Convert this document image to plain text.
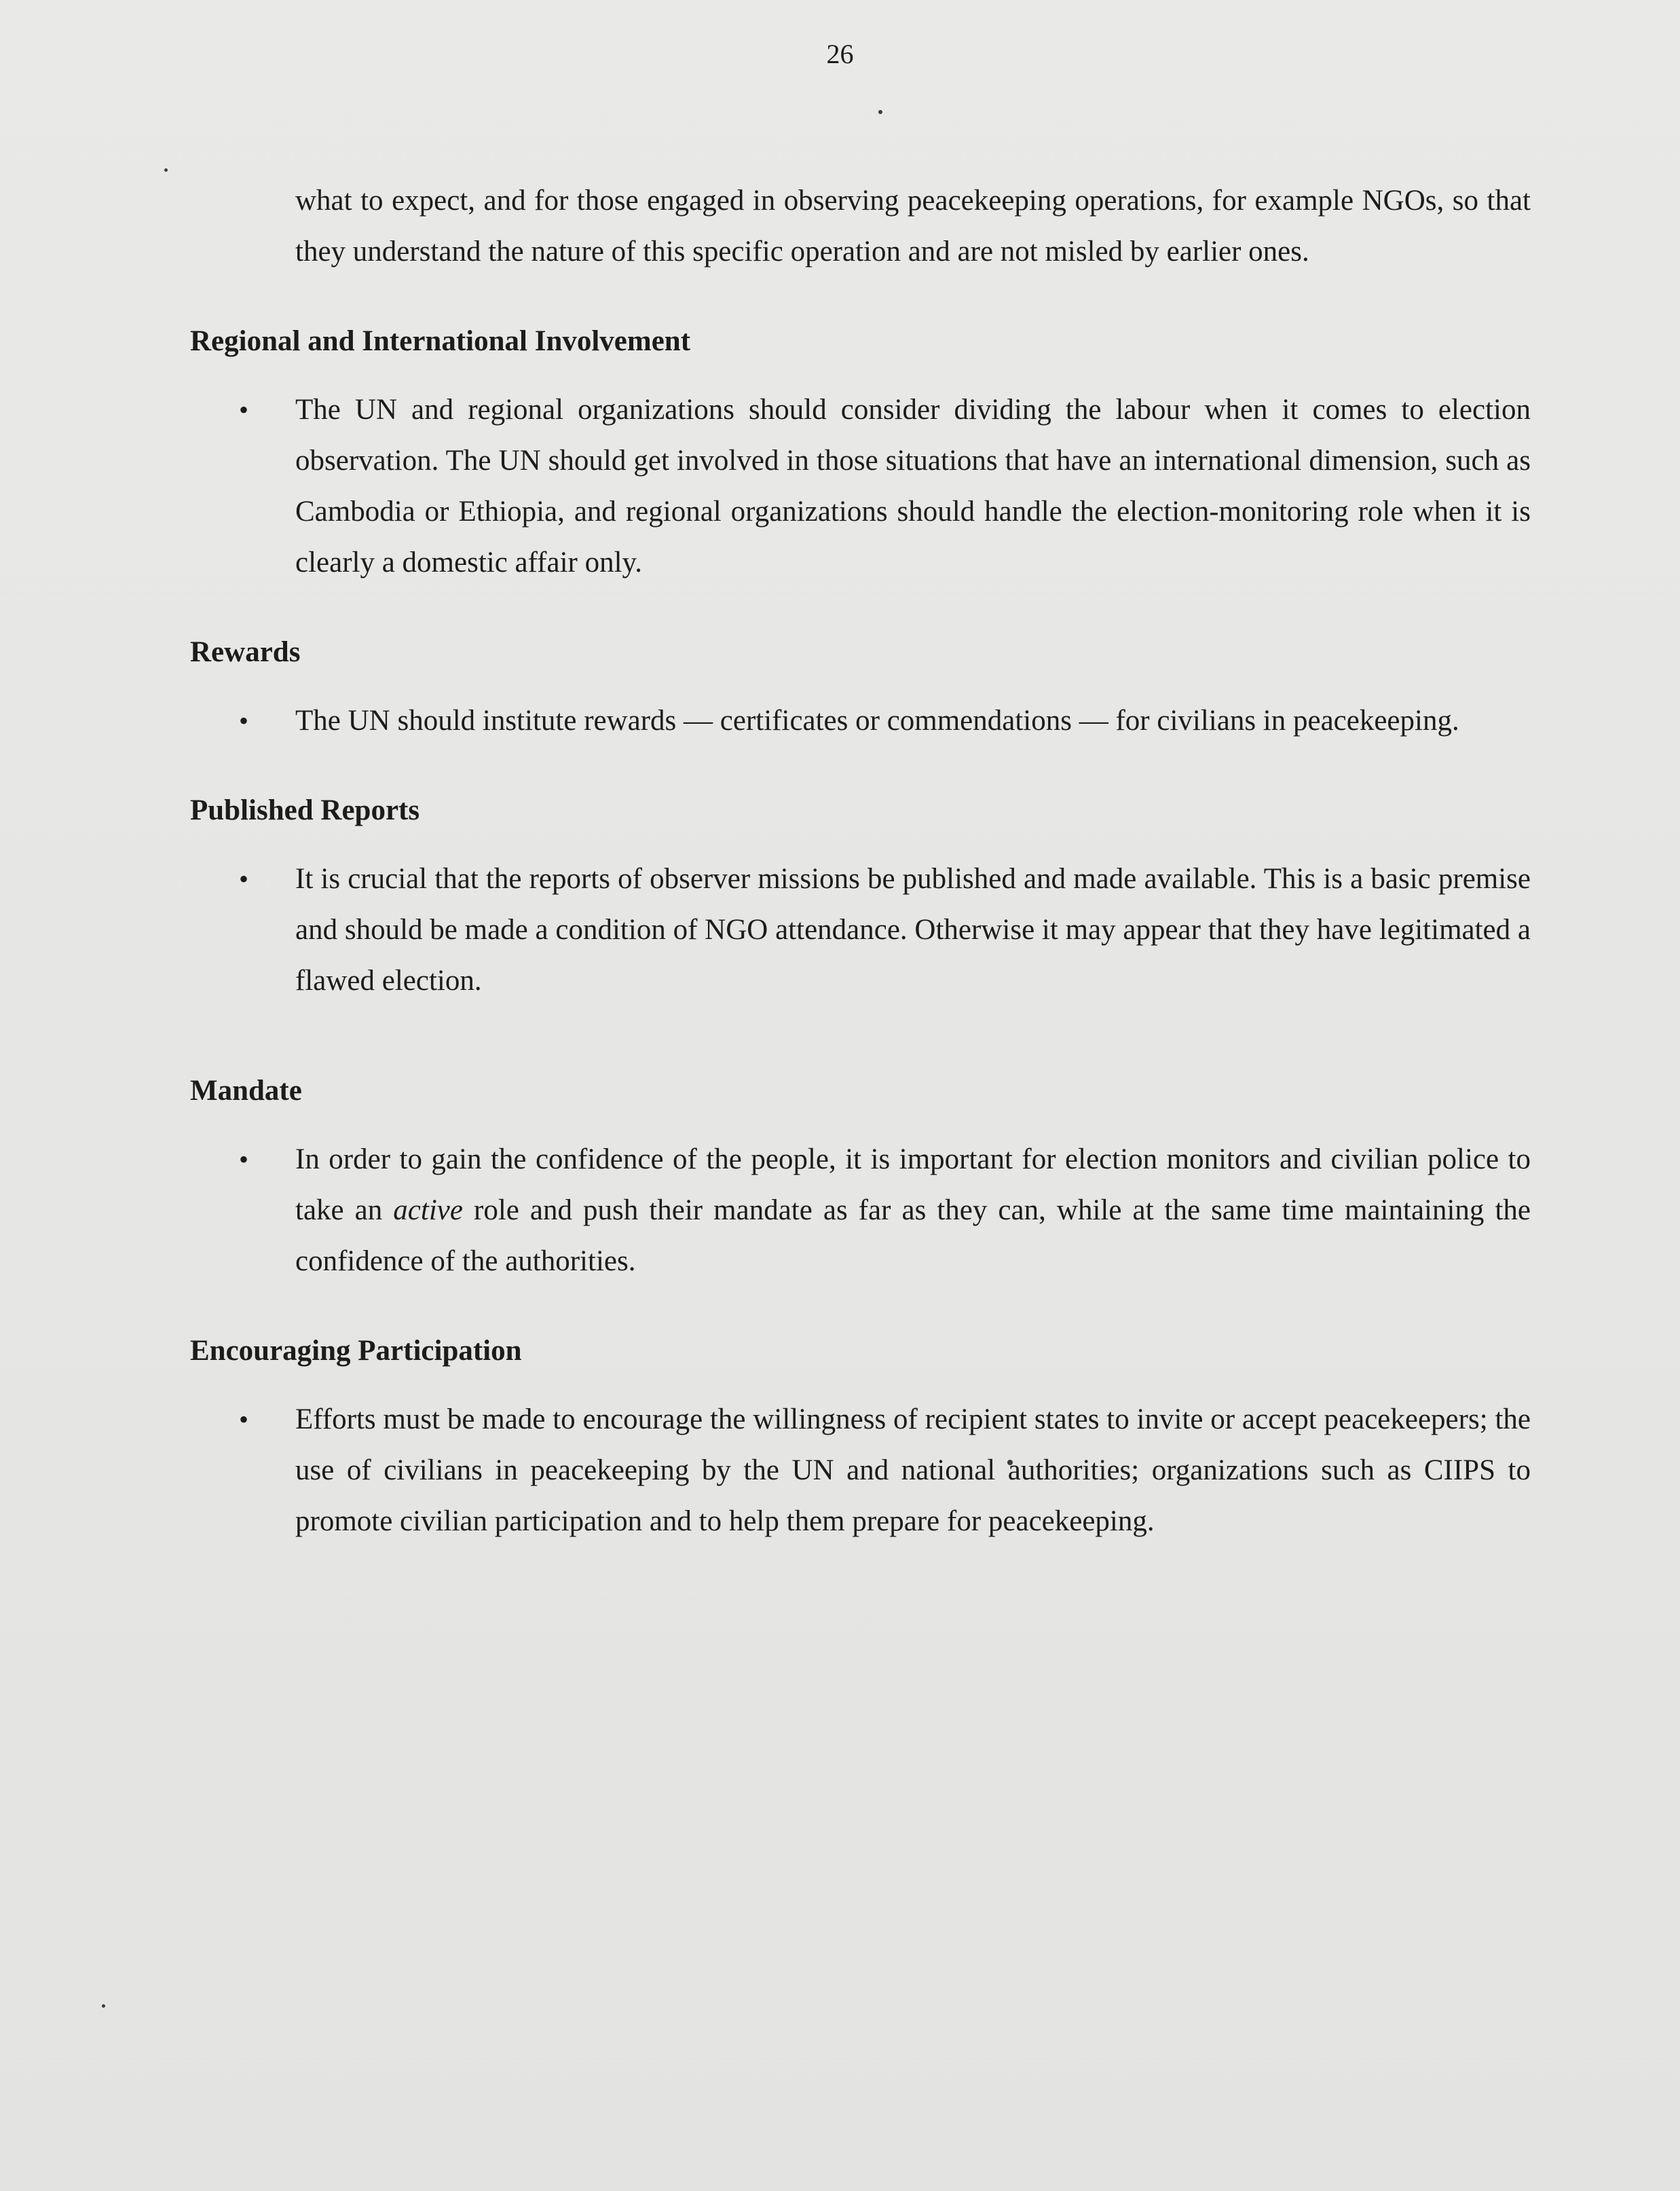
26

what to expect, and for those engaged in observing peacekeeping operations, for example NGOs, so that they understand the nature of this specific operation and are not misled by earlier ones.

Regional and International Involvement
• The UN and regional organizations should consider dividing the labour when it comes to election observation. The UN should get involved in those situations that have an international dimension, such as Cambodia or Ethiopia, and regional organizations should handle the election-monitoring role when it is clearly a domestic affair only.
Rewards
• The UN should institute rewards — certificates or commendations — for civilians in peacekeeping.
Published Reports
• It is crucial that the reports of observer missions be published and made available. This is a basic premise and should be made a condition of NGO attendance. Otherwise it may appear that they have legitimated a flawed election.
Mandate
• In order to gain the confidence of the people, it is important for election monitors and civilian police to take an active role and push their mandate as far as they can, while at the same time maintaining the confidence of the authorities.
Encouraging Participation
• Efforts must be made to encourage the willingness of recipient states to invite or accept peacekeepers; the use of civilians in peacekeeping by the UN and national authorities; organizations such as CIIPS to promote civilian participation and to help them prepare for peacekeeping.
